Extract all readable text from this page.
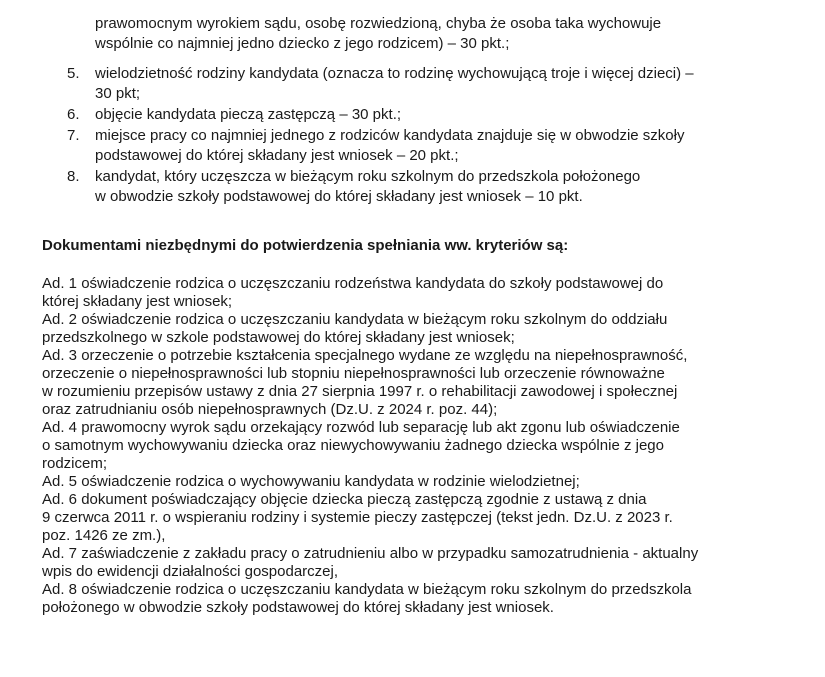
prawomocnym wyrokiem sądu, osobę rozwiedzioną, chyba że osoba taka wychowuje
wspólnie co najmniej jedno dziecko z jego rodzicem) – 30 pkt.;
5. wielodzietność rodziny kandydata (oznacza to rodzinę wychowującą troje i więcej dzieci) –
30 pkt;
6. objęcie kandydata pieczą zastępczą – 30 pkt.;
7. miejsce pracy co najmniej jednego z rodziców kandydata znajduje się w obwodzie szkoły
podstawowej do której składany jest wniosek – 20 pkt.;
8. kandydat, który uczęszcza w bieżącym roku szkolnym do przedszkola położonego
w obwodzie szkoły podstawowej do której składany jest wniosek – 10 pkt.
Dokumentami niezbędnymi do potwierdzenia spełniania ww. kryteriów są:
Ad. 1 oświadczenie rodzica o uczęszczaniu rodzeństwa kandydata do szkoły podstawowej do
której składany jest wniosek;
Ad. 2 oświadczenie rodzica o uczęszczaniu kandydata w bieżącym roku szkolnym do oddziału
przedszkolnego w szkole podstawowej do której składany jest wniosek;
Ad. 3 orzeczenie o potrzebie kształcenia specjalnego wydane ze względu na niepełnosprawność,
orzeczenie o niepełnosprawności lub stopniu niepełnosprawności lub orzeczenie równoważne
w rozumieniu przepisów ustawy z dnia 27 sierpnia 1997 r. o rehabilitacji zawodowej i społecznej
oraz zatrudnianiu osób niepełnosprawnych (Dz.U. z 2024 r. poz. 44);
Ad. 4 prawomocny wyrok sądu orzekający rozwód lub separację lub akt zgonu lub oświadczenie
o samotnym wychowywaniu dziecka oraz niewychowywaniu żadnego dziecka wspólnie z jego
rodzicem;
Ad. 5 oświadczenie rodzica o wychowywaniu kandydata w rodzinie wielodzietnej;
Ad. 6 dokument poświadczający objęcie dziecka pieczą zastępczą zgodnie z ustawą z dnia
9 czerwca 2011 r. o wspieraniu rodziny i systemie pieczy zastępczej (tekst jedn. Dz.U. z 2023 r.
poz. 1426 ze zm.),
Ad. 7 zaświadczenie z zakładu pracy o zatrudnieniu albo w przypadku samozatrudnienia - aktualny
wpis do ewidencji działalności gospodarczej,
Ad. 8 oświadczenie rodzica o uczęszczaniu kandydata w bieżącym roku szkolnym do przedszkola
położonego w obwodzie szkoły podstawowej do której składany jest wniosek.
